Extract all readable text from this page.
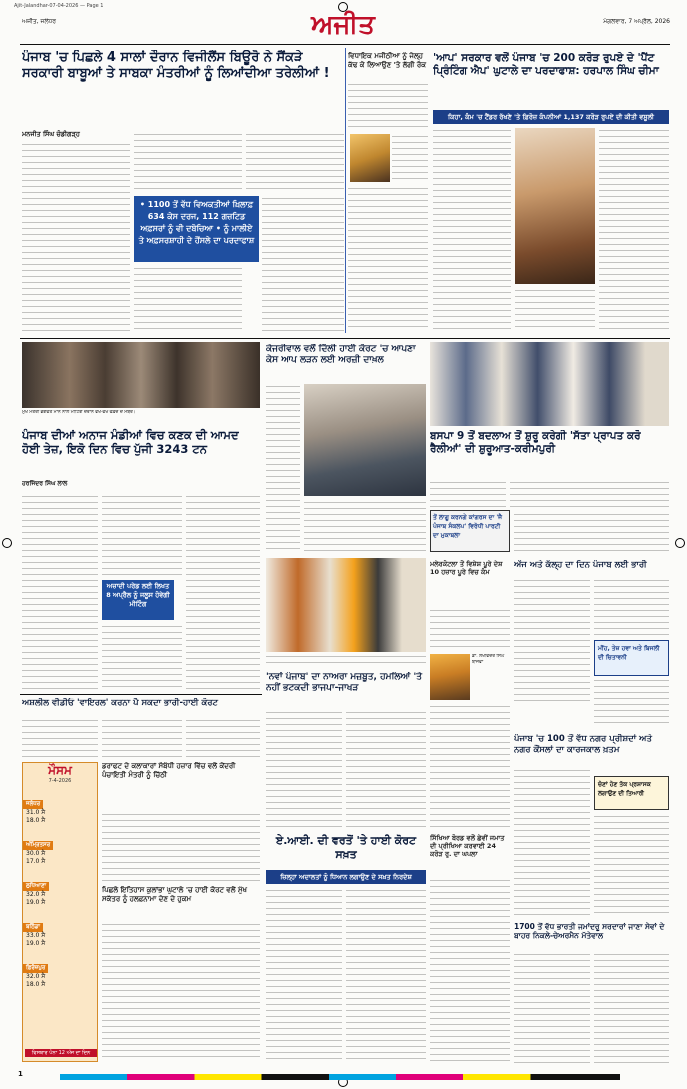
Ajit-Jalandhar-07-04-2026 — Page 1
ਅਜੀਤ, ਜਲੰਧਰ	ਅਜੀਤ	ਮੰਗਲਵਾਰ, 7 ਅਪ੍ਰੈਲ, 2026
ਪੰਜਾਬ 'ਚ ਪਿਛਲੇ 4 ਸਾਲਾਂ ਦੌਰਾਨ ਵਿਜੀਲੈਂਸ ਬਿਊਰੋ ਨੇ ਸੈਂਕੜੇ ਸਰਕਾਰੀ ਬਾਬੂਆਂ ਤੇ ਸਾਬਕਾ ਮੰਤਰੀਆਂ ਨੂੰ ਲਿਆਂਦੀਆ ਤਰੇਲੀਆਂ !
ਮਨਜੀਤ ਸਿੰਘ ਚੰਡੀਗੜ੍ਹ
• 1100 ਤੋਂ ਵੱਧ ਵਿਅਕਤੀਆਂ ਖ਼ਿਲਾਫ਼ 634 ਕੇਸ ਦਰਜ, 112 ਗਜ਼ਟਿਡ ਅਫ਼ਸਰਾਂ ਨੂੰ ਵੀ ਦਬੋਚਿਆ • ਨੂੰ ਮਾਲੀਏ ਤੇ ਅਫ਼ਸਰਸ਼ਾਹੀ ਦੇ ਹੌਂਸਲੇ ਦਾ ਪਰਦਾਫਾਸ਼
ਵਿਧਾਇਕ ਮਜੀਠੀਆ ਨੂੰ ਜੇਲ੍ਹ ਕੱਢ ਕੇ ਲਿਆਉਣ 'ਤੇ ਲੱਗੀ ਰੋਕ
'ਆਪ' ਸਰਕਾਰ ਵਲੋਂ ਪੰਜਾਬ 'ਚ 200 ਕਰੋੜ ਰੁਪਏ ਦੇ 'ਪੈਂਟ ਪ੍ਰਿੰਟਿੰਗ ਐਪ' ਘੁਟਾਲੇ ਦਾ ਪਰਦਾਫਾਸ਼: ਹਰਪਾਲ ਸਿੰਘ ਚੀਮਾ
ਕਿਹਾ, ਕੰਮ 'ਚ ਟੈਂਡਰ ਰੱਖਣੇ 'ਤੇ ਫ਼ਿਰੋਜ਼ ਕੰਪਨੀਆਂ 1,137 ਕਰੋੜ ਰੁਪਏ ਦੀ ਕੀਤੀ ਵਸੂਲੀ
ਮੁੱਖ ਮੰਤਰੀ ਭਗਵੰਤ ਮਾਨ ਨਾਲ ਮੀਟਿੰਗ ਦੌਰਾਨ ਵੱਖ-ਵੱਖ ਵਫ਼ਦ ਦੇ ਮੈਂਬਰ।
ਪੰਜਾਬ ਦੀਆਂ ਅਨਾਜ ਮੰਡੀਆਂ ਵਿਚ ਕਣਕ ਦੀ ਆਮਦ ਹੋਈ ਤੇਜ਼, ਇਕੋ ਦਿਨ ਵਿਚ ਪੁੱਜੀ 3243 ਟਨ
ਹਰਜਿੰਦਰ ਸਿੰਘ ਲਾਲ
ਅਜ਼ਾਦੀ ਪਰੇਡ ਲਈ ਲਿਖਤ 8 ਅਪ੍ਰੈਲ ਨੂੰ ਜਲੂਸ ਹੋਵੇਗੀ ਮੀਟਿੰਗ
ਕੇਜਰੀਵਾਲ ਵਲੋਂ ਦਿੱਲੀ ਹਾਈ ਕੋਰਟ 'ਚ ਆਪਣਾ ਕੇਸ ਆਪ ਲੜਨ ਲਈ ਅਰਜ਼ੀ ਦਾਖ਼ਲ
ਬਸਪਾ 9 ਤੋਂ ਬਦਲਾਅ ਤੋਂ ਸ਼ੁਰੂ ਕਰੇਗੀ 'ਸੱਤਾ ਪ੍ਰਾਪਤ ਕਰੋ ਰੈਲੀਆਂ' ਦੀ ਸ਼ੁਰੂਆਤ-ਕਰੀਮਪੁਰੀ
ਤੋਂ ਲਾਗੂ ਕਰਨਗੇ ਕਾਂਗਰਸ ਦਾ 'ਜੈ ਪੰਜਾਬ ਸੰਕਲਪ' ਵਿਰੋਧੀ ਪਾਰਟੀ ਦਾ ਮੁਕਾਬਲਾ
'ਨਵਾਂ ਪੰਜਾਬ' ਦਾ ਨਾਅਰਾ ਮਜ਼ਬੂਤ, ਹਮਲਿਆਂ 'ਤੇ ਨਹੀਂ ਭਟਕਦੀ ਭਾਜਪਾ-ਜਾਖੜ
ਮਲੇਰਕੋਟਲਾ ਤੋਂ ਵਿਸ਼ੇਸ਼ ਪੂਰੇ ਦੇਸ਼ 10 ਹਜ਼ਾਰ ਪੂਰੇ ਵਿਚ ਕੰਮ
ਡਾ. ਲਖਵਿੰਦਰ ਸਿੰਘ ਬਾਜਵਾ
ਅੱਜ ਅਤੇ ਕੱਲ੍ਹ ਦਾ ਦਿਨ ਪੰਜਾਬ ਲਈ ਭਾਰੀ
ਮੀਂਹ, ਤੇਜ਼ ਹਵਾ ਅਤੇ ਬਿਜਲੀ ਦੀ ਚਿਤਾਵਨੀ
ਪੰਜਾਬ 'ਚ 100 ਤੋਂ ਵੱਧ ਨਗਰ ਪ੍ਰੀਸ਼ਦਾਂ ਅਤੇ ਨਗਰ ਕੌਂਸਲਾਂ ਦਾ ਕਾਰਜਕਾਲ ਖ਼ਤਮ
ਚੋਣਾਂ ਹੋਣ ਤੱਕ ਪ੍ਰਸ਼ਾਸਕ ਲਗਾਉਣ ਦੀ ਤਿਆਰੀ
1700 ਤੋਂ ਵੱਧ ਭਾਰਤੀ ਜਮਾਂਦਰੂ ਸਰਦਾਰਾਂ ਜਾਣਾ ਸੇਵਾਂ ਦੇ ਬਾਹਰ ਨਿਕਲੇ-ਚੇਅਰਮੈਨ ਮੱਤੇਵਾਲ
ਅਸ਼ਲੀਲ ਵੀਡੀਓ 'ਵਾਇਰਲ' ਕਰਨਾ ਪੈ ਸਕਦਾ ਭਾਰੀ-ਹਾਈ ਕੋਰਟ
ਮੌਸਮ
7-4-2026
ਜਲੰਧਰ
31.0 ਸੈ
18.0 ਸੈ
ਅੰਮ੍ਰਿਤਸਰ
30.0 ਸੈ
17.0 ਸੈ
ਲੁਧਿਆਣਾ
32.0 ਸੈ
19.0 ਸੈ
ਬਠਿੰਡਾ
33.0 ਸੈ
19.0 ਸੈ
ਫ਼ਿਰੋਜ਼ਪੁਰ
32.0 ਸੈ
18.0 ਸੈ
ਵਿਸਥਾਰ ਪੰਨਾ 12 ਅੱਜ ਦਾ ਦਿਨ
ਡਰਾਫਟ ਦੇ ਕਲਾਕਾਰਾਂ ਸੰਬੰਧੀ ਹਜ਼ਾਰ ਵਿੱਚ ਵਲੋਂ ਕੇਂਦਰੀ ਪੰਚਾਇਤੀ ਮੰਤਰੀ ਨੂੰ ਚਿੱਠੀ
ਪਿਛਲੇ ਇਤਿਹਾਸ ਕੁਲਾਂਭਾ ਘੁਟਾਲੇ 'ਚ ਹਾਈ ਕੋਰਟ ਵਲੋਂ ਮੁੱਖ ਸਕੱਤਰ ਨੂੰ ਹਲਫ਼ਨਾਮਾ ਦੇਣ ਦੇ ਹੁਕਮ
ਏ.ਆਈ. ਦੀ ਵਰਤੋਂ 'ਤੇ ਹਾਈ ਕੋਰਟ ਸਖ਼ਤ
ਜ਼ਿਲ੍ਹਾ ਅਦਾਲਤਾਂ ਨੂੰ ਧਿਆਨ ਲਗਾਉਣ ਦੇ ਸਖ਼ਤ ਨਿਰਦੇਸ਼
ਸਿੱਖਿਆ ਬੋਰਡ ਵਲੋਂ ਛੇਵੀਂ ਜਮਾਤ ਦੀ ਪ੍ਰੀਖਿਆ ਕਰਵਾਈ 24 ਕਰੋੜ ਰੁ. ਦਾ ਘਪਲਾ
1
